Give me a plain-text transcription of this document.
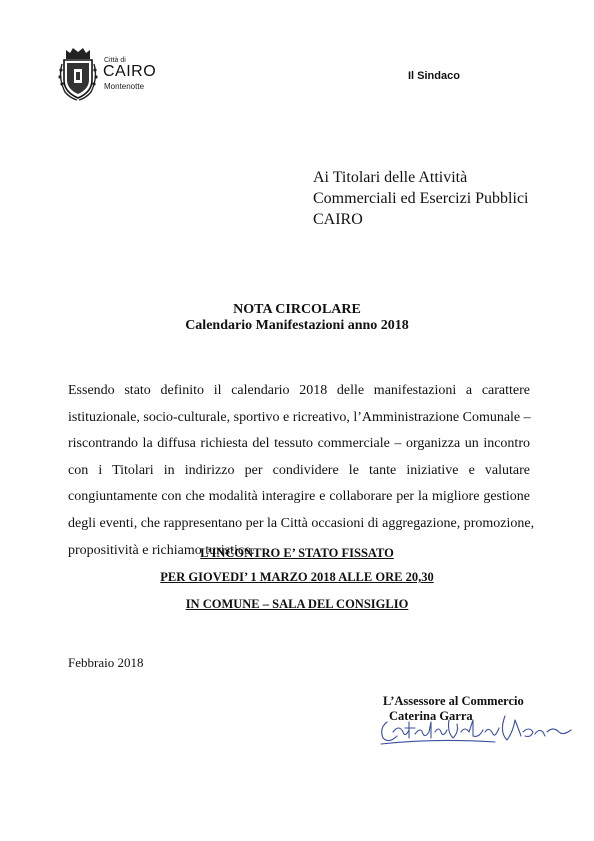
Città di
CAIRO
Montenotte
Il Sindaco
Ai Titolari delle Attività
Commerciali ed Esercizi Pubblici
CAIRO
NOTA CIRCOLARE
Calendario Manifestazioni anno 2018
Essendo stato definito il calendario 2018 delle manifestazioni a carattere
istituzionale, socio-culturale, sportivo e ricreativo, l’Amministrazione Comunale –
riscontrando la diffusa richiesta del tessuto commerciale – organizza un incontro
con i Titolari in indirizzo per condividere le tante iniziative e valutare
congiuntamente con che modalità interagire e collaborare per la migliore gestione
degli eventi, che rappresentano per la Città occasioni di aggregazione, promozione,
propositività e richiamo turistico.
L’INCONTRO E’ STATO FISSATO
PER GIOVEDI’ 1 MARZO 2018 ALLE ORE 20,30
IN COMUNE – SALA DEL CONSIGLIO
Febbraio 2018
L’Assessore al Commercio
Caterina Garra
